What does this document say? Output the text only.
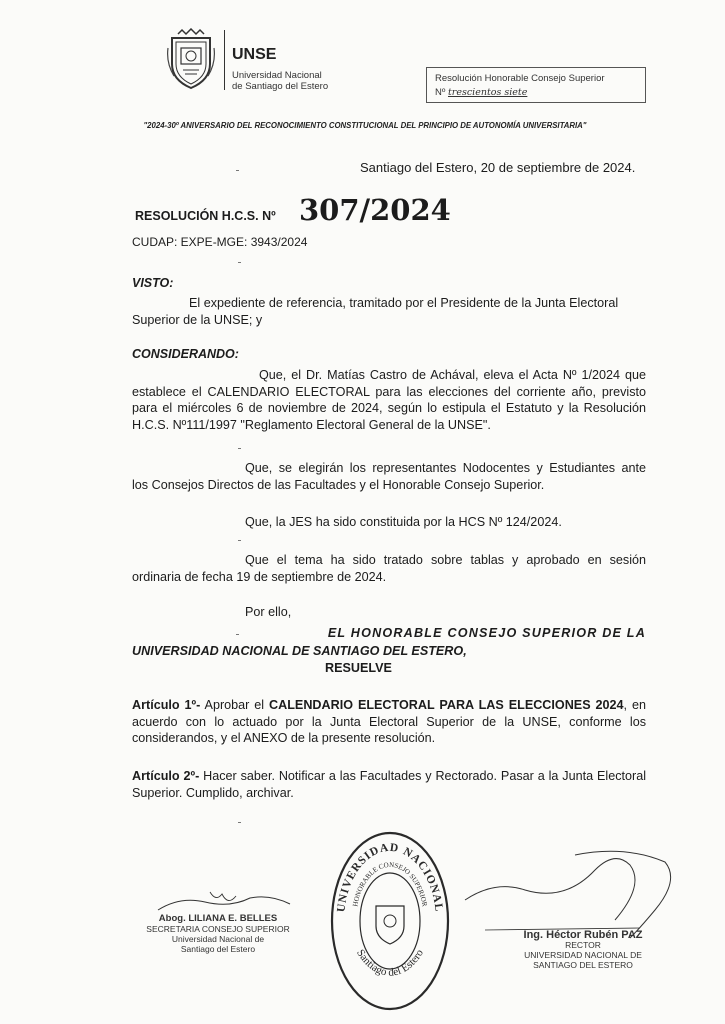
UNSE
Universidad Nacional
de Santiago del Estero
Resolución Honorable Consejo Superior
Nº trescientos siete
"2024-30º ANIVERSARIO DEL RECONOCIMIENTO CONSTITUCIONAL DEL PRINCIPIO DE AUTONOMÍA UNIVERSITARIA"
Santiago del Estero, 20 de septiembre de 2024.
RESOLUCIÓN H.C.S. Nº 307/2024
CUDAP: EXPE-MGE: 3943/2024
VISTO:
El expediente de referencia, tramitado por el Presidente de la Junta Electoral
Superior de la UNSE; y
CONSIDERANDO:
Que, el Dr. Matías Castro de Achával, eleva el Acta Nº 1/2024 que
establece el CALENDARIO ELECTORAL para las elecciones del corriente año, previsto para el miércoles 6 de noviembre de 2024, según lo estipula el Estatuto y la Resolución H.C.S. Nº111/1997 "Reglamento Electoral General de la UNSE".
Que, se elegirán los representantes Nodocentes y Estudiantes ante
los Consejos Directos de las Facultades y el Honorable Consejo Superior.
Que, la JES ha sido constituida por la HCS Nº 124/2024.
Que el tema ha sido tratado sobre tablas y aprobado en sesión
ordinaria de fecha 19 de septiembre de 2024.
Por ello,
EL HONORABLE CONSEJO SUPERIOR DE LA
UNIVERSIDAD NACIONAL DE SANTIAGO DEL ESTERO,
RESUELVE
Artículo 1º- Aprobar el CALENDARIO ELECTORAL PARA LAS ELECCIONES 2024, en acuerdo con lo actuado por la Junta Electoral Superior de la UNSE, conforme los considerandos, y el ANEXO de la presente resolución.
Artículo 2º- Hacer saber. Notificar a las Facultades y Rectorado. Pasar a la Junta Electoral Superior. Cumplido, archivar.
Abog. LILIANA E. BELLES
SECRETARIA CONSEJO SUPERIOR
Universidad Nacional de
Santiago del Estero
UNIVERSIDAD NACIONAL
HONORABLE CONSEJO SUPERIOR
Santiago del Estero
Ing. Héctor Rubén PAZ
RECTOR
UNIVERSIDAD NACIONAL DE
SANTIAGO DEL ESTERO
